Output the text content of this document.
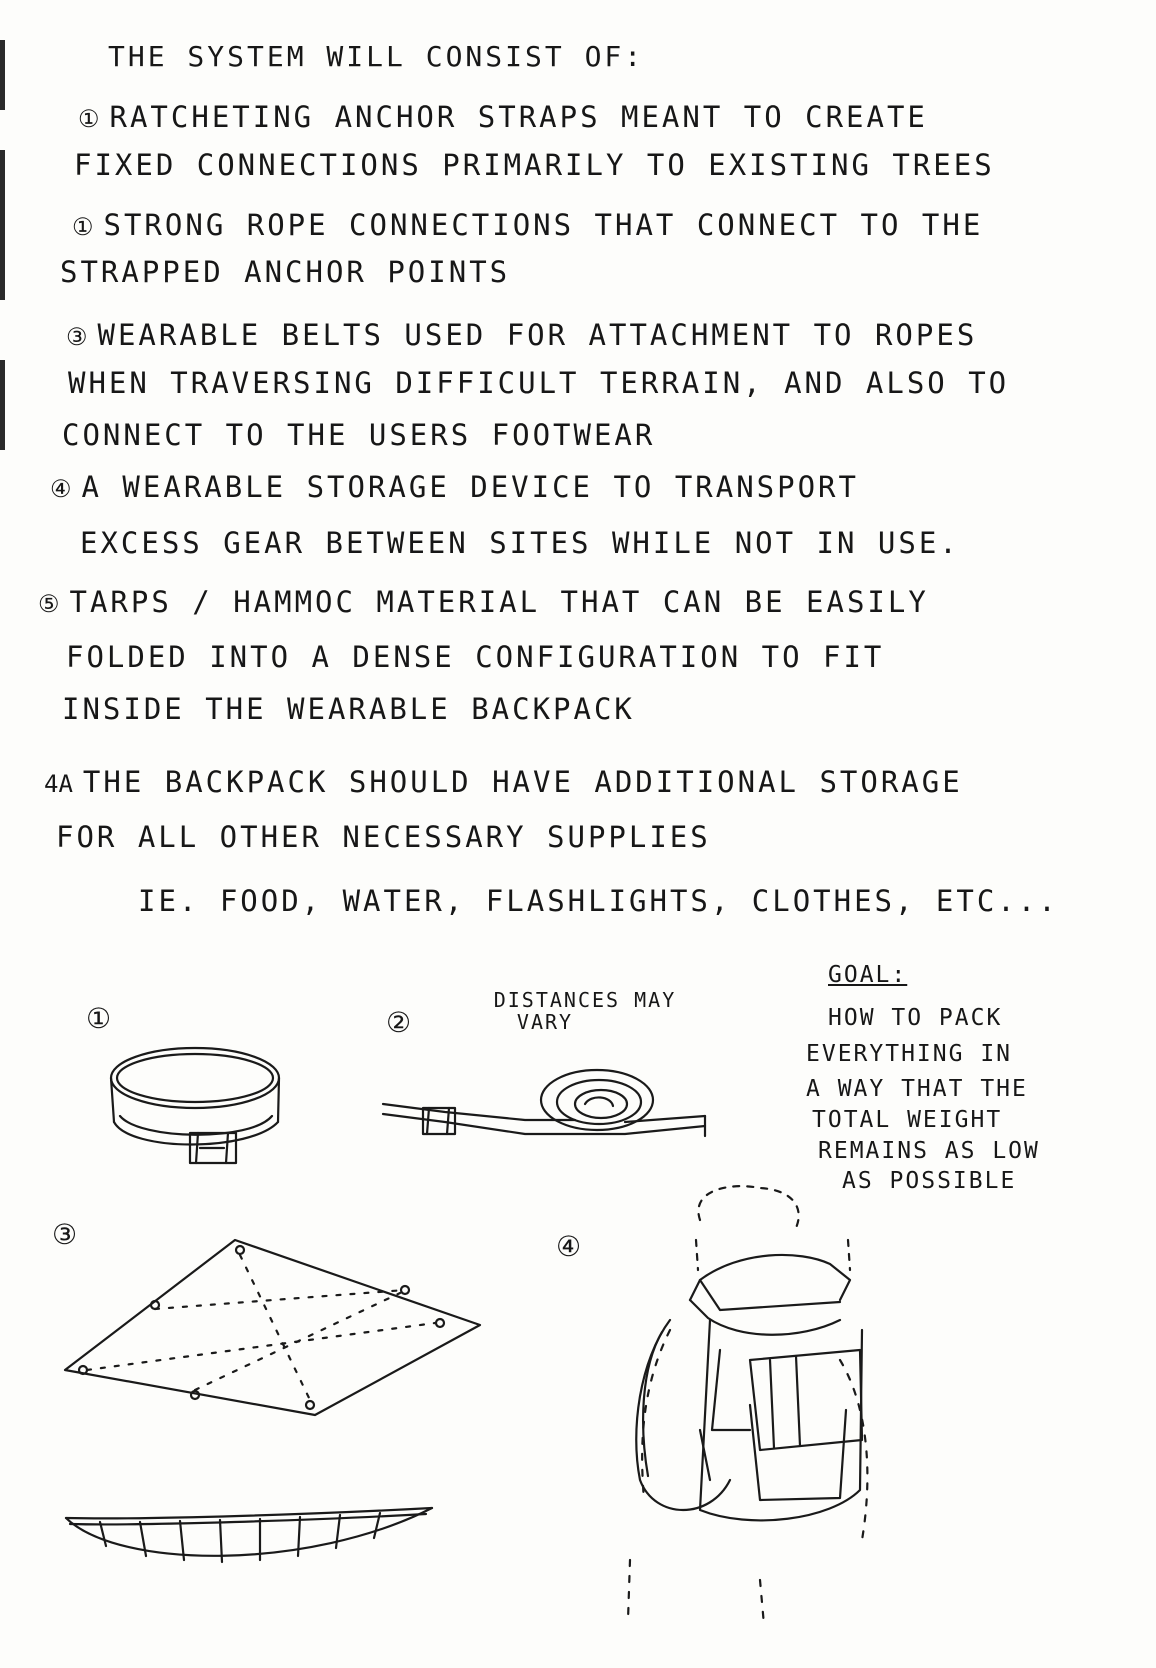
THE SYSTEM WILL CONSIST OF:
① RATCHETING ANCHOR STRAPS MEANT TO CREATE
FIXED CONNECTIONS PRIMARILY TO EXISTING TREES
① STRONG ROPE CONNECTIONS THAT CONNECT TO THE
STRAPPED ANCHOR POINTS
③ WEARABLE BELTS USED FOR ATTACHMENT TO ROPES
WHEN TRAVERSING DIFFICULT TERRAIN, AND ALSO TO
CONNECT TO THE USERS FOOTWEAR
④ A WEARABLE STORAGE DEVICE TO TRANSPORT
EXCESS GEAR BETWEEN SITES WHILE NOT IN USE.
⑤ TARPS / HAMMOC MATERIAL THAT CAN BE EASILY
FOLDED INTO A DENSE CONFIGURATION TO FIT
INSIDE THE WEARABLE BACKPACK
4A THE BACKPACK SHOULD HAVE ADDITIONAL STORAGE
FOR ALL OTHER NECESSARY SUPPLIES
IE. FOOD, WATER, FLASHLIGHTS, CLOTHES, ETC...
GOAL:
HOW TO PACK
EVERYTHING IN
A WAY THAT THE
TOTAL WEIGHT
REMAINS AS LOW
AS POSSIBLE
①	②
③	④
DISTANCES MAY
VARY
